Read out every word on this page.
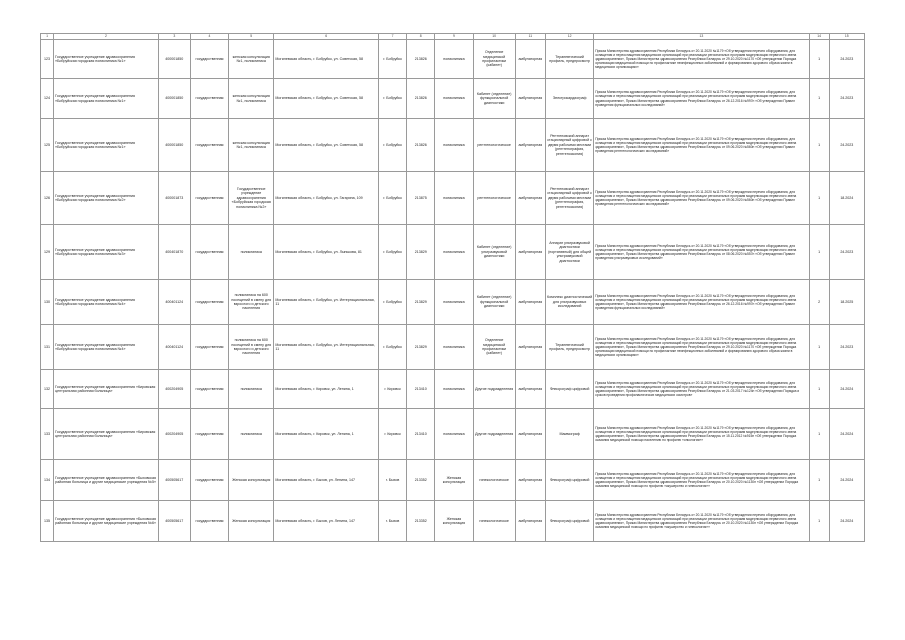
1	2	3	4	5	6	7	8	9	10	11	12	13	14	15
123	Государственное учреждение здравоохранения «Бобруйская городская поликлиника №1»	400001850	государственная	женская консультация №1, поликлиника	Могилевская область, г. Бобруйск, ул. Советская, 58	г. Бобруйск	213826	поликлиника	Отделение медицинской профилактики (кабинет)	амбулаторная	Терапевтический профиль, предпросмотр	Приказ Министерства здравоохранения Республики Беларусь от 20.11.2020 №1179 «Об утверждении перечня оборудования, для оснащения и переоснащения медицинских организаций при реализации региональных программ модернизации первичного звена здравоохранения», Приказ Министерства здравоохранения Республики Беларусь от 29.10.2020 №1170 «Об утверждении Порядка организации медицинской помощи по профилактике неинфекционных заболеваний и формированию здорового образа жизни в медицинских организациях»	1	24.2023
124	Государственное учреждение здравоохранения «Бобруйская городская поликлиника №1»	400001850	государственная	женская консультация №1, поликлиника	Могилевская область, г. Бобруйск, ул. Советская, 58	г. Бобруйск	213826	поликлиника	Кабинет (отделение) функциональной диагностики	амбулаторная	Электрокардиограф	Приказ Министерства здравоохранения Республики Беларусь от 20.11.2020 №1179 «Об утверждении перечня оборудования, для оснащения и переоснащения медицинских организаций при реализации региональных программ модернизации первичного звена здравоохранения», Приказ Министерства здравоохранения Республики Беларусь от 26.12.2016 №997н «Об утверждении Правил проведения функциональных исследований»	1	24.2023
125	Государственное учреждение здравоохранения «Бобруйская городская поликлиника №1»	400001850	государственная	женская консультация №1, поликлиника	Могилевская область, г. Бобруйск, ул. Советская, 58	г. Бобруйск	213826	поликлиника	рентгенологическое	амбулаторная	Рентгеновский аппарат стационарный цифровой с двумя рабочими местами (рентгенография, рентгеноскопия)	Приказ Министерства здравоохранения Республики Беларусь от 20.11.2020 №1179 «Об утверждении перечня оборудования, для оснащения и переоснащения медицинских организаций при реализации региональных программ модернизации первичного звена здравоохранения», Приказ Министерства здравоохранения Республики Беларусь от 09.06.2020 №560н «Об утверждении Правил проведения рентгенологических исследований»	1	24.2023
126	Государственное учреждение здравоохранения «Бобруйская городская поликлиника №2»	400001873	государственная	Государственное учреждение здравоохранения «Бобруйская городская поликлиника №2»	Могилевская область, г. Бобруйск, ул. Гагарина, 109	г. Бобруйск	213875	поликлиника	рентгенологическое	амбулаторная	Рентгеновский аппарат стационарный цифровой с двумя рабочими местами (рентгенография, рентгеноскопия)	Приказ Министерства здравоохранения Республики Беларусь от 20.11.2020 №1179 «Об утверждении перечня оборудования, для оснащения и переоснащения медицинских организаций при реализации региональных программ модернизации первичного звена здравоохранения», Приказ Министерства здравоохранения Республики Беларусь от 09.06.2020 №560н «Об утверждении Правил проведения рентгенологических исследований»	1	18.2024
129	Государственное учреждение здравоохранения «Бобруйская городская поликлиника №3»	400401870	государственная	поликлиника	Могилевская область, г. Бобруйск, ул. Лынькова, 81	г. Бобруйск	213829	поликлиника	Кабинет (отделение) ультразвуковой диагностики	амбулаторная	Аппарат ультразвуковой диагностики (портативный) для общей ультразвуковой диагностики	Приказ Министерства здравоохранения Республики Беларусь от 20.11.2020 №1179 «Об утверждении перечня оборудования, для оснащения и переоснащения медицинских организаций при реализации региональных программ модернизации первичного звена здравоохранения», Приказ Министерства здравоохранения Республики Беларусь от 08.06.2020 №557н «Об утверждении Правил проведения ультразвуковых исследований»	1	24.2023
130	Государственное учреждение здравоохранения «Бобруйская городская поликлиника №4»	400401124	государственная	поликлиника на 600 посещений в смену для взрослого и детского населения	Могилевская область, г. Бобруйск, ул. Интернациональная, 11	г. Бобруйск	213829	поликлиника	Кабинет (отделение) функциональной диагностики	амбулаторная	Комплекс диагностический для ультразвуковых исследований	Приказ Министерства здравоохранения Республики Беларусь от 20.11.2020 №1179 «Об утверждении перечня оборудования, для оснащения и переоснащения медицинских организаций при реализации региональных программ модернизации первичного звена здравоохранения», Приказ Министерства здравоохранения Республики Беларусь от 26.12.2016 №997н «Об утверждении Правил проведения функциональных исследований»	2	18.2025
131	Государственное учреждение здравоохранения «Бобруйская городская поликлиника №4»	400401124	государственная	поликлиника на 600 посещений в смену для взрослого и детского населения	Могилевская область, г. Бобруйск, ул. Интернациональная, 11	г. Бобруйск	213829	поликлиника	Отделение медицинской профилактики (кабинет)	амбулаторная	Терапевтический профиль, предпросмотр	Приказ Министерства здравоохранения Республики Беларусь от 20.11.2020 №1179 «Об утверждении перечня оборудования, для оснащения и переоснащения медицинских организаций при реализации региональных программ модернизации первичного звена здравоохранения», Приказ Министерства здравоохранения Республики Беларусь от 29.10.2020 №1170 «Об утверждении Порядка организации медицинской помощи по профилактике неинфекционных заболеваний и формированию здорового образа жизни в медицинских организациях»	1	24.2023
132	Государственное учреждение здравоохранения «Кировская центральная районная больница»	400204905	государственная	поликлиника	Могилевская область, г. Кировск, ул. Ленина, 1	г. Кировск	213410	поликлиника	Другие подразделения	амбулаторная	Флюорограф цифровой	Приказ Министерства здравоохранения Республики Беларусь от 20.11.2020 №1179 «Об утверждении перечня оборудования, для оснащения и переоснащения медицинских организаций при реализации региональных программ модернизации первичного звена здравоохранения», Приказ Министерства здравоохранения Республики Беларусь от 21.03.2017 №124н «Об утверждении Порядка и сроков проведения профилактических медицинских осмотров»	1	24.2024
133	Государственное учреждение здравоохранения «Кировская центральная районная больница»	400204905	государственная	поликлиника	Могилевская область, г. Кировск, ул. Ленина, 1	г. Кировск	213410	поликлиника	Другие подразделения	амбулаторная	Маммограф	Приказ Министерства здравоохранения Республики Беларусь от 20.11.2020 №1179 «Об утверждении перечня оборудования, для оснащения и переоснащения медицинских организаций при реализации региональных программ модернизации первичного звена здравоохранения», Приказ Министерства здравоохранения Республики Беларусь от 15.11.2012 №915н «Об утверждении Порядка оказания медицинской помощи населению по профилю «онкология»»	1	24.2024
134	Государственное учреждение здравоохранения «Быховская районная больница и другие медицинские учреждения №5»	400505617	государственная	Женская консультация	Могилевская область, г. Быхов, ул. Ленина, 147	г. Быхов	213352	Женская консультация	гинекологическое	амбулаторная	Флюорограф цифровой	Приказ Министерства здравоохранения Республики Беларусь от 20.11.2020 №1179 «Об утверждении перечня оборудования, для оснащения и переоснащения медицинских организаций при реализации региональных программ модернизации первичного звена здравоохранения», Приказ Министерства здравоохранения Республики Беларусь от 20.10.2020 №1130н «Об утверждении Порядка оказания медицинской помощи по профилю «акушерство и гинекология»»	1	24.2024
135	Государственное учреждение здравоохранения «Быховская районная больница и другие медицинские учреждения №6»	400505617	государственная	Женская консультация	Могилевская область, г. Быхов, ул. Ленина, 147	г. Быхов	213352	Женская консультация	гинекологическое	амбулаторная	Флюорограф цифровой	Приказ Министерства здравоохранения Республики Беларусь от 20.11.2020 №1179 «Об утверждении перечня оборудования, для оснащения и переоснащения медицинских организаций при реализации региональных программ модернизации первичного звена здравоохранения», Приказ Министерства здравоохранения Республики Беларусь от 20.10.2020 №1130н «Об утверждении Порядка оказания медицинской помощи по профилю «акушерство и гинекология»»	1	24.2024
